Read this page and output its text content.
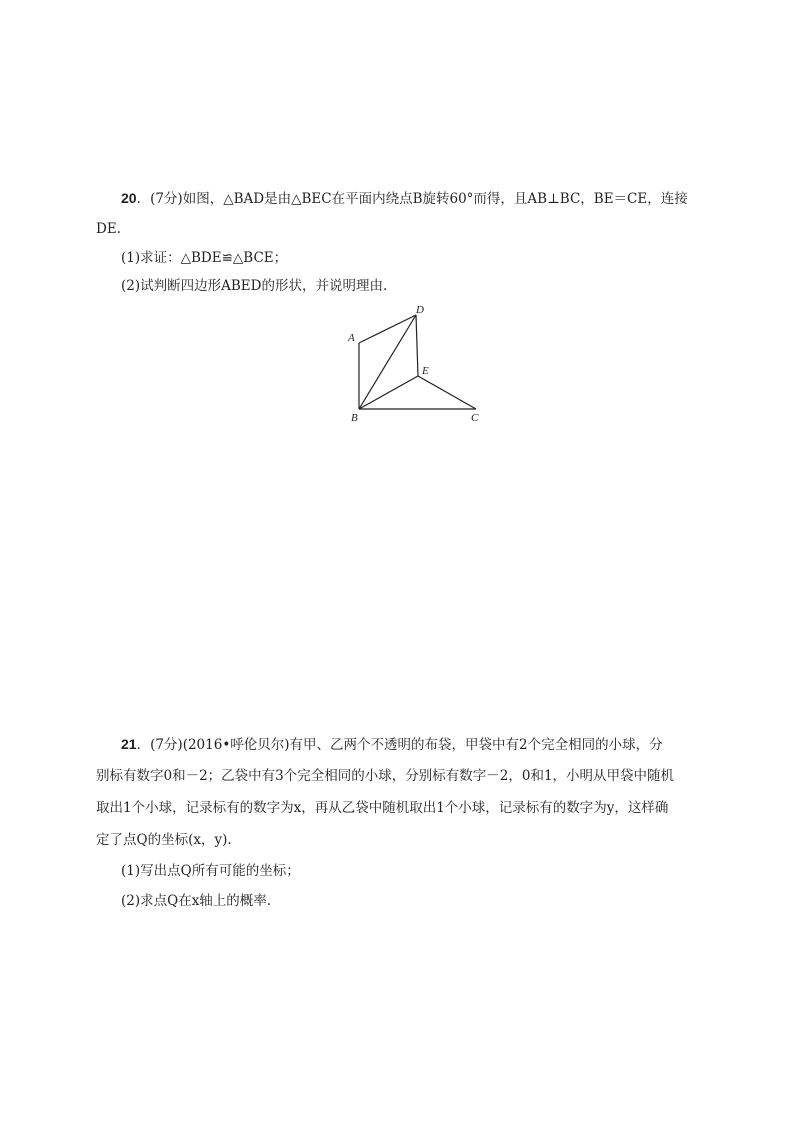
20．(7分)如图，△BAD是由△BEC在平面内绕点B旋转60°而得，且AB⊥BC，BE＝CE，连接
DE.
(1)求证：△BDE≌△BCE；
(2)试判断四边形ABED的形状，并说明理由.
A
B	C
D
E
21．(7分)(2016•呼伦贝尔)有甲、乙两个不透明的布袋，甲袋中有2个完全相同的小球，分
别标有数字0和－2；乙袋中有3个完全相同的小球，分别标有数字－2，0和1，小明从甲袋中随机
取出1个小球，记录标有的数字为x，再从乙袋中随机取出1个小球，记录标有的数字为y，这样确
定了点Q的坐标(x，y).
(1)写出点Q所有可能的坐标；
(2)求点Q在x轴上的概率.
